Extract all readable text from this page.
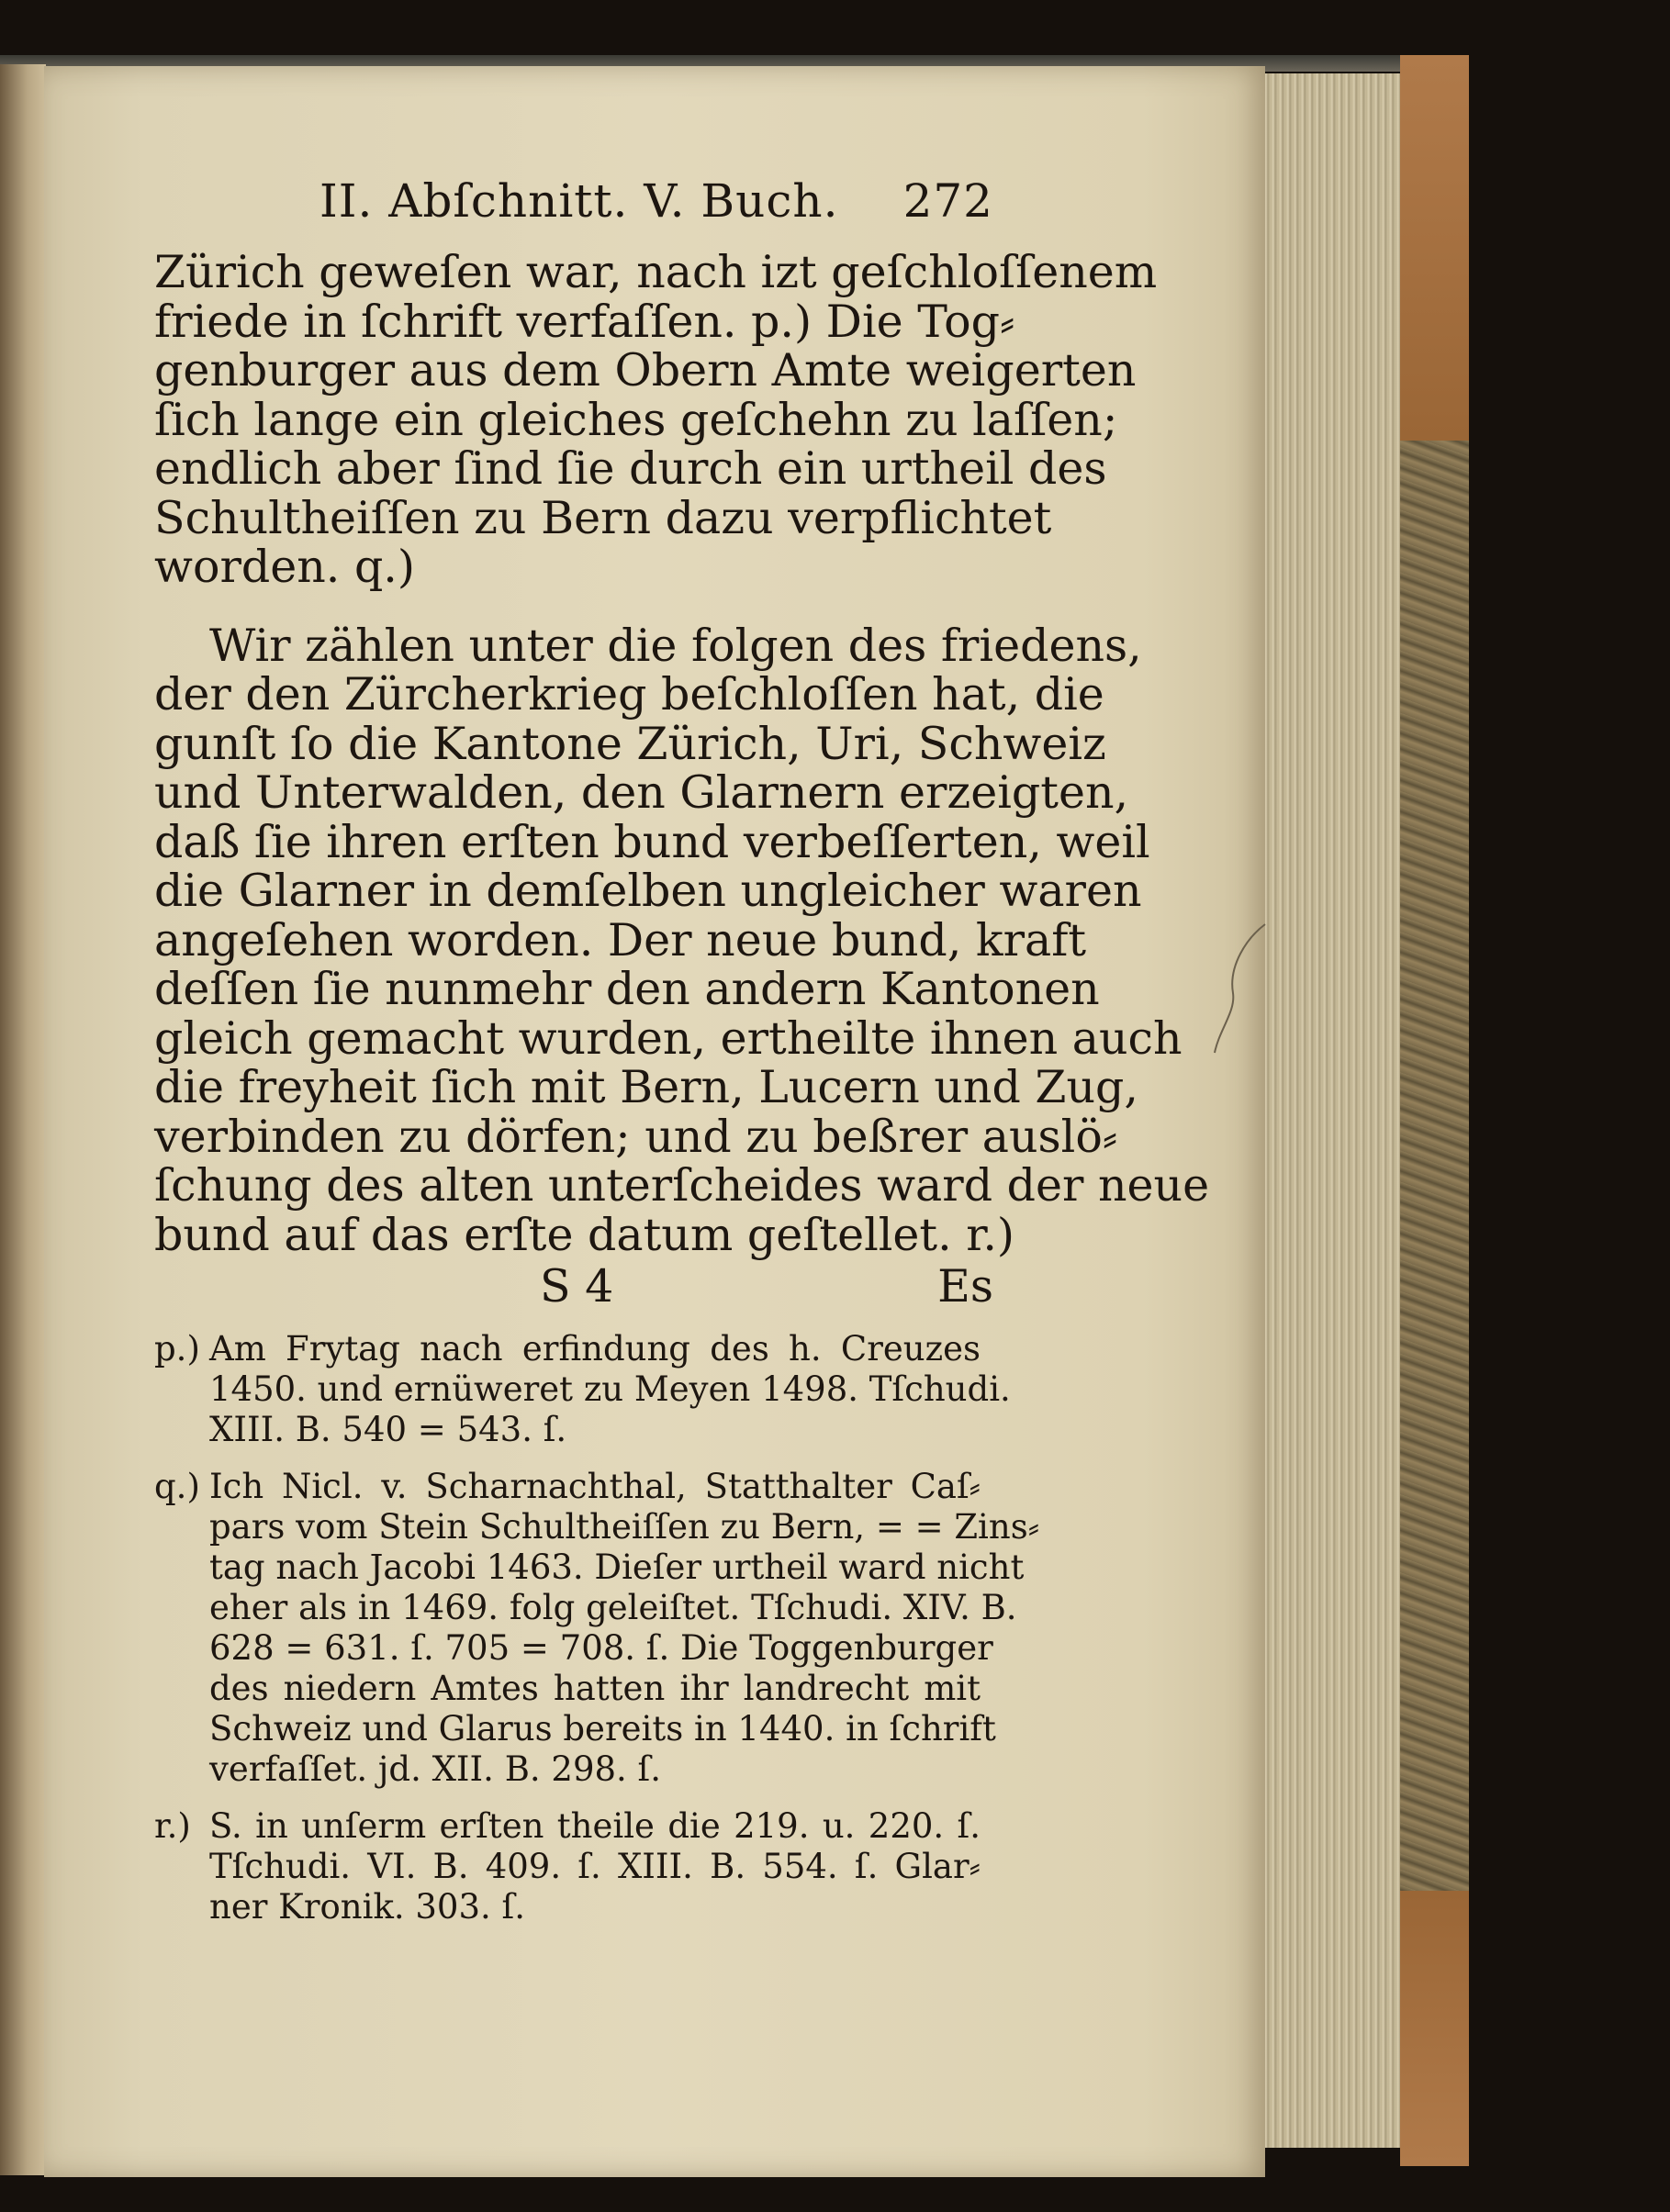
II. Abſchnitt. V. Buch. 272
Zürich geweſen war, nach izt geſchloſſenem
friede in ſchrift verfaſſen. p.) Die Tog⸗
genburger aus dem Obern Amte weigerten
ſich lange ein gleiches geſchehn zu laſſen;
endlich aber ſind ſie durch ein urtheil des
Schultheiſſen zu Bern dazu verpflichtet
worden. q.)
Wir zählen unter die folgen des friedens,
der den Zürcherkrieg beſchloſſen hat, die
gunſt ſo die Kantone Zürich, Uri, Schweiz
und Unterwalden, den Glarnern erzeigten,
daß ſie ihren erſten bund verbeſſerten, weil
die Glarner in demſelben ungleicher waren
angeſehen worden. Der neue bund, kraft
deſſen ſie nunmehr den andern Kantonen
gleich gemacht wurden, ertheilte ihnen auch
die freyheit ſich mit Bern, Lucern und Zug,
verbinden zu dörfen; und zu beßrer auslö⸗
ſchung des alten unterſcheides ward der neue
bund auf das erſte datum geſtellet. r.)
S 4	Es
p.) Am Frytag nach erfindung des h. Creuzes
1450. und ernüweret zu Meyen 1498. Tſchudi.
XIII. B. 540 = 543. ſ.
q.) Ich Nicl. v. Scharnachthal, Statthalter Caſ⸗
pars vom Stein Schultheiſſen zu Bern, = = Zins⸗
tag nach Jacobi 1463. Dieſer urtheil ward nicht
eher als in 1469. folg geleiſtet. Tſchudi. XIV. B.
628 = 631. ſ. 705 = 708. ſ. Die Toggenburger
des niedern Amtes hatten ihr landrecht mit
Schweiz und Glarus bereits in 1440. in ſchrift
verfaſſet. jd. XII. B. 298. ſ.
r.) S. in unſerm erſten theile die 219. u. 220. ſ.
Tſchudi. VI. B. 409. ſ. XIII. B. 554. ſ. Glar⸗
ner Kronik. 303. ſ.
